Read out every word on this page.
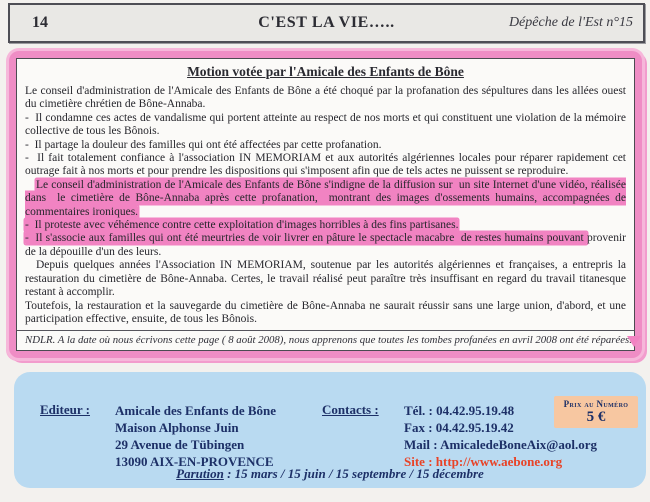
14	C'EST LA VIE…..	Dépêche de l'Est n°15
Motion votée par l'Amicale des Enfants de Bône
Le conseil d'administration de l'Amicale des Enfants de Bône a été choqué par la profanation des sépultures dans les allées ouest du cimetière chrétien de Bône-Annaba.
-  Il condamne ces actes de vandalisme qui portent atteinte au respect de nos morts et qui constituent une violation de la mémoire collective de tous les Bônois.
-  Il partage la douleur des familles qui ont été affectées par cette profanation.
-  Il fait totalement confiance à l'association IN MEMORIAM et aux autorités algériennes locales pour réparer rapidement cet outrage fait à nos morts et pour prendre les dispositions qui s'imposent afin que de tels actes ne puissent se reproduire.
Le conseil d'administration de l'Amicale des Enfants de Bône s'indigne de la diffusion sur  un site Internet d'une vidéo, réalisée dans  le cimetière de Bône-Annaba après cette profanation,  montrant des images d'ossements humains, accompagnées de commentaires ironiques.
-  Il proteste avec véhémence contre cette exploitation d'images horribles à des fins partisanes.
-  Il s'associe aux familles qui ont été meurtries de voir livrer en pâture le spectacle macabre  de restes humains pouvant provenir de la dépouille d'un des leurs.
Depuis quelques années l'Association IN MEMORIAM, soutenue par les autorités algériennes et françaises, a entrepris la restauration du cimetière de Bône-Annaba. Certes, le travail réalisé peut paraître très insuffisant en regard du travail titanesque restant à accomplir.
Toutefois, la restauration et la sauvegarde du cimetière de Bône-Annaba ne saurait réussir sans une large union, d'abord, et une participation effective, ensuite, de tous les Bônois.
NDLR. A la date où nous écrivons cette page ( 8 août 2008), nous apprenons que toutes les tombes profanées en avril 2008 ont été réparées.
Editeur : Amicale des Enfants de Bône
Maison Alphonse Juin
29 Avenue de Tübingen
13090 AIX-EN-PROVENCE
Contacts : Tél. : 04.42.95.19.48
Fax : 04.42.95.19.42
Mail : AmicaledeBoneAix@aol.org
Site : http://www.aebone.org
Prix au Numéro
5 €
Parution : 15 mars / 15 juin / 15 septembre / 15 décembre
